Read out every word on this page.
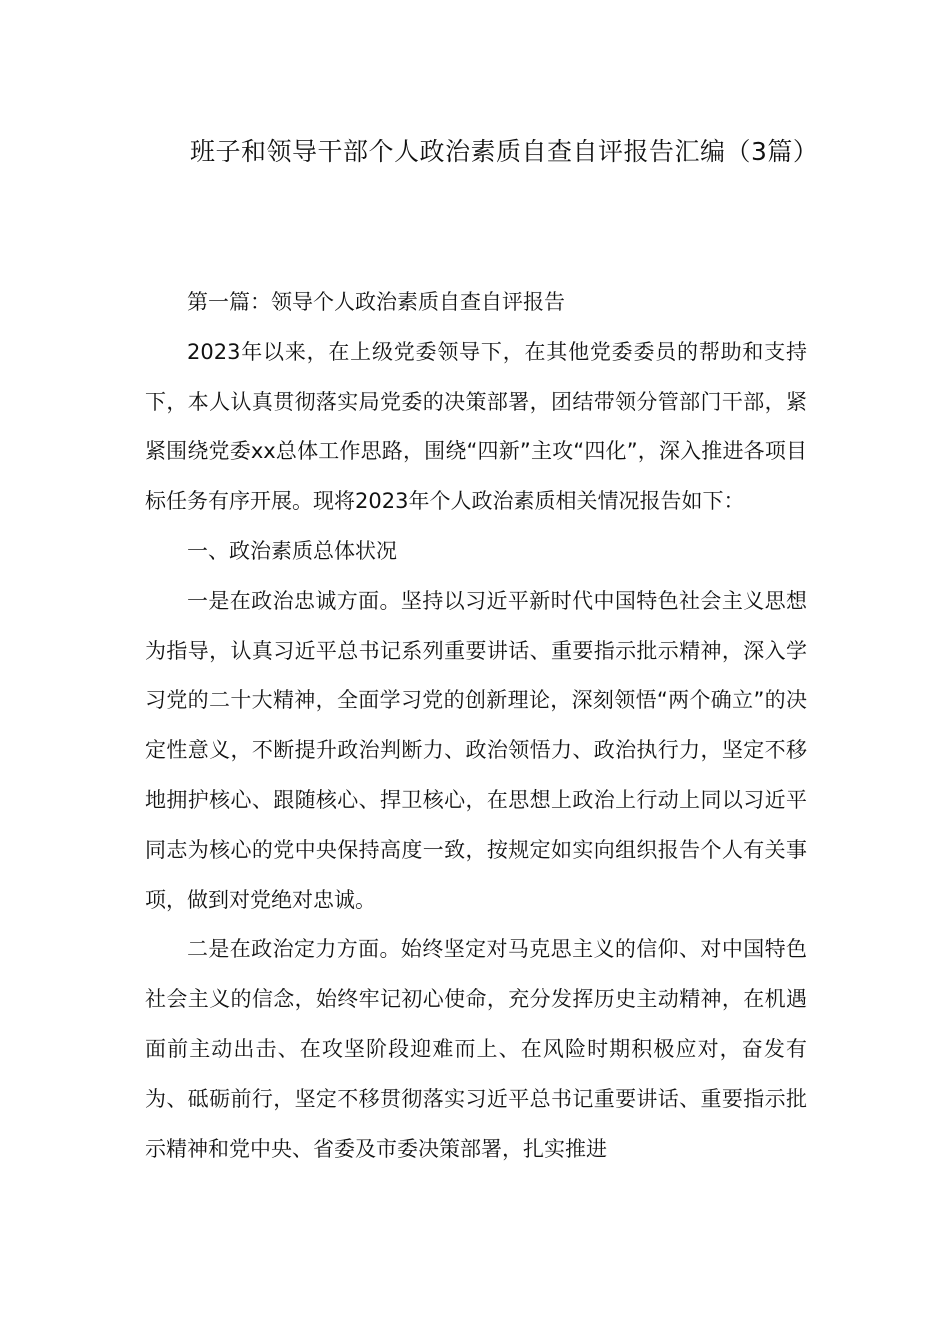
班子和领导干部个人政治素质自查自评报告汇编（3篇）

第一篇：领导个人政治素质自查自评报告

2023年以来，在上级党委领导下，在其他党委委员的帮助和支持下，本人认真贯彻落实局党委的决策部署，团结带领分管部门干部，紧紧围绕党委xx总体工作思路，围绕“四新”主攻“四化”，深入推进各项目标任务有序开展。现将2023年个人政治素质相关情况报告如下：

一、政治素质总体状况

一是在政治忠诚方面。坚持以习近平新时代中国特色社会主义思想为指导，认真习近平总书记系列重要讲话、重要指示批示精神，深入学习党的二十大精神，全面学习党的创新理论，深刻领悟“两个确立”的决定性意义，不断提升政治判断力、政治领悟力、政治执行力，坚定不移地拥护核心、跟随核心、捍卫核心，在思想上政治上行动上同以习近平同志为核心的党中央保持高度一致，按规定如实向组织报告个人有关事项，做到对党绝对忠诚。

二是在政治定力方面。始终坚定对马克思主义的信仰、对中国特色社会主义的信念，始终牢记初心使命，充分发挥历史主动精神，在机遇面前主动出击、在攻坚阶段迎难而上、在风险时期积极应对，奋发有为、砥砺前行，坚定不移贯彻落实习近平总书记重要讲话、重要指示批示精神和党中央、省委及市委决策部署，扎实推进
